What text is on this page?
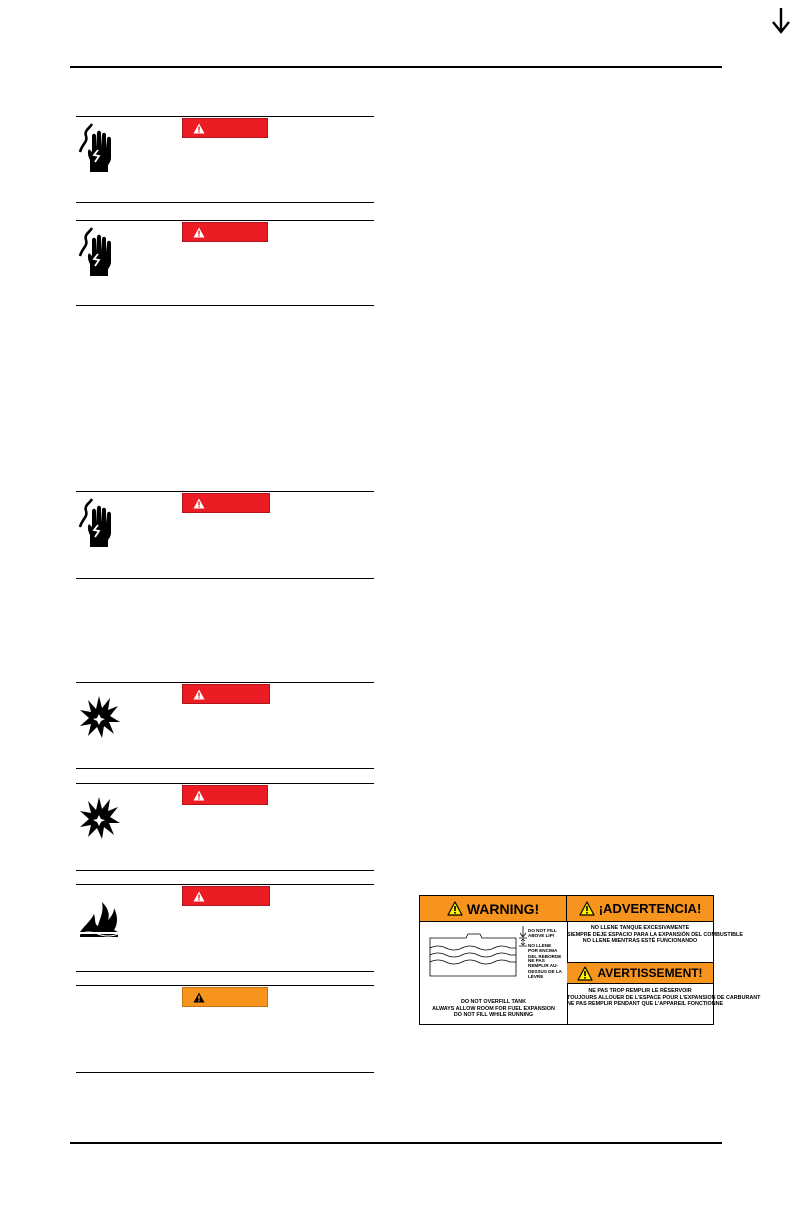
WARNING!	¡ADVERTENCIA!
NO LLENE TANQUE EXCESIVAMENTE
SIEMPRE DEJE ESPACIO PARA LA EXPANSIÓN DEL COMBUSTIBLE
NO LLENE MIENTRAS ESTÉ FUNCIONANDO
AVERTISSEMENT!
NE PAS TROP REMPLIR LE RÉSERVOIR
TOUJOURS ALLOUER DE L'ESPACE POUR L'EXPANSION DE CARBURANT
NE PAS REMPLIR PENDANT QUE L'APPAREIL FONCTIONNE
DO NOT FILL ABOVE LIP!
NO LLENE POR ENCIMA DEL REBORDE
NE PAS REMPLIR AU-DESSUS DE LA LÈVRE
DO NOT OVERFILL TANK
ALWAYS ALLOW ROOM FOR FUEL EXPANSION
DO NOT FILL WHILE RUNNING
